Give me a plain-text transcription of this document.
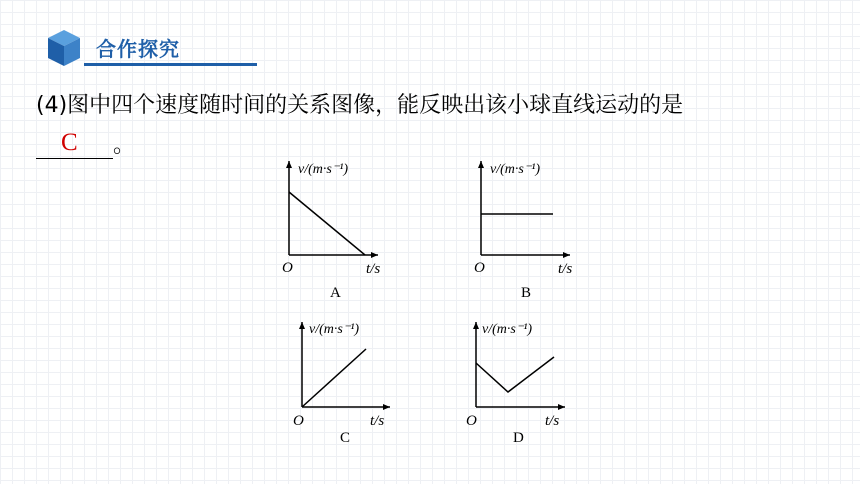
合作探究
(4)图中四个速度随时间的关系图像，能反映出该小球直线运动的是
C 。
v/(m·s⁻¹)
O	t/s
A
v/(m·s⁻¹)
O	t/s
B
v/(m·s⁻¹)
O	t/s
C
v/(m·s⁻¹)
O	t/s
D
